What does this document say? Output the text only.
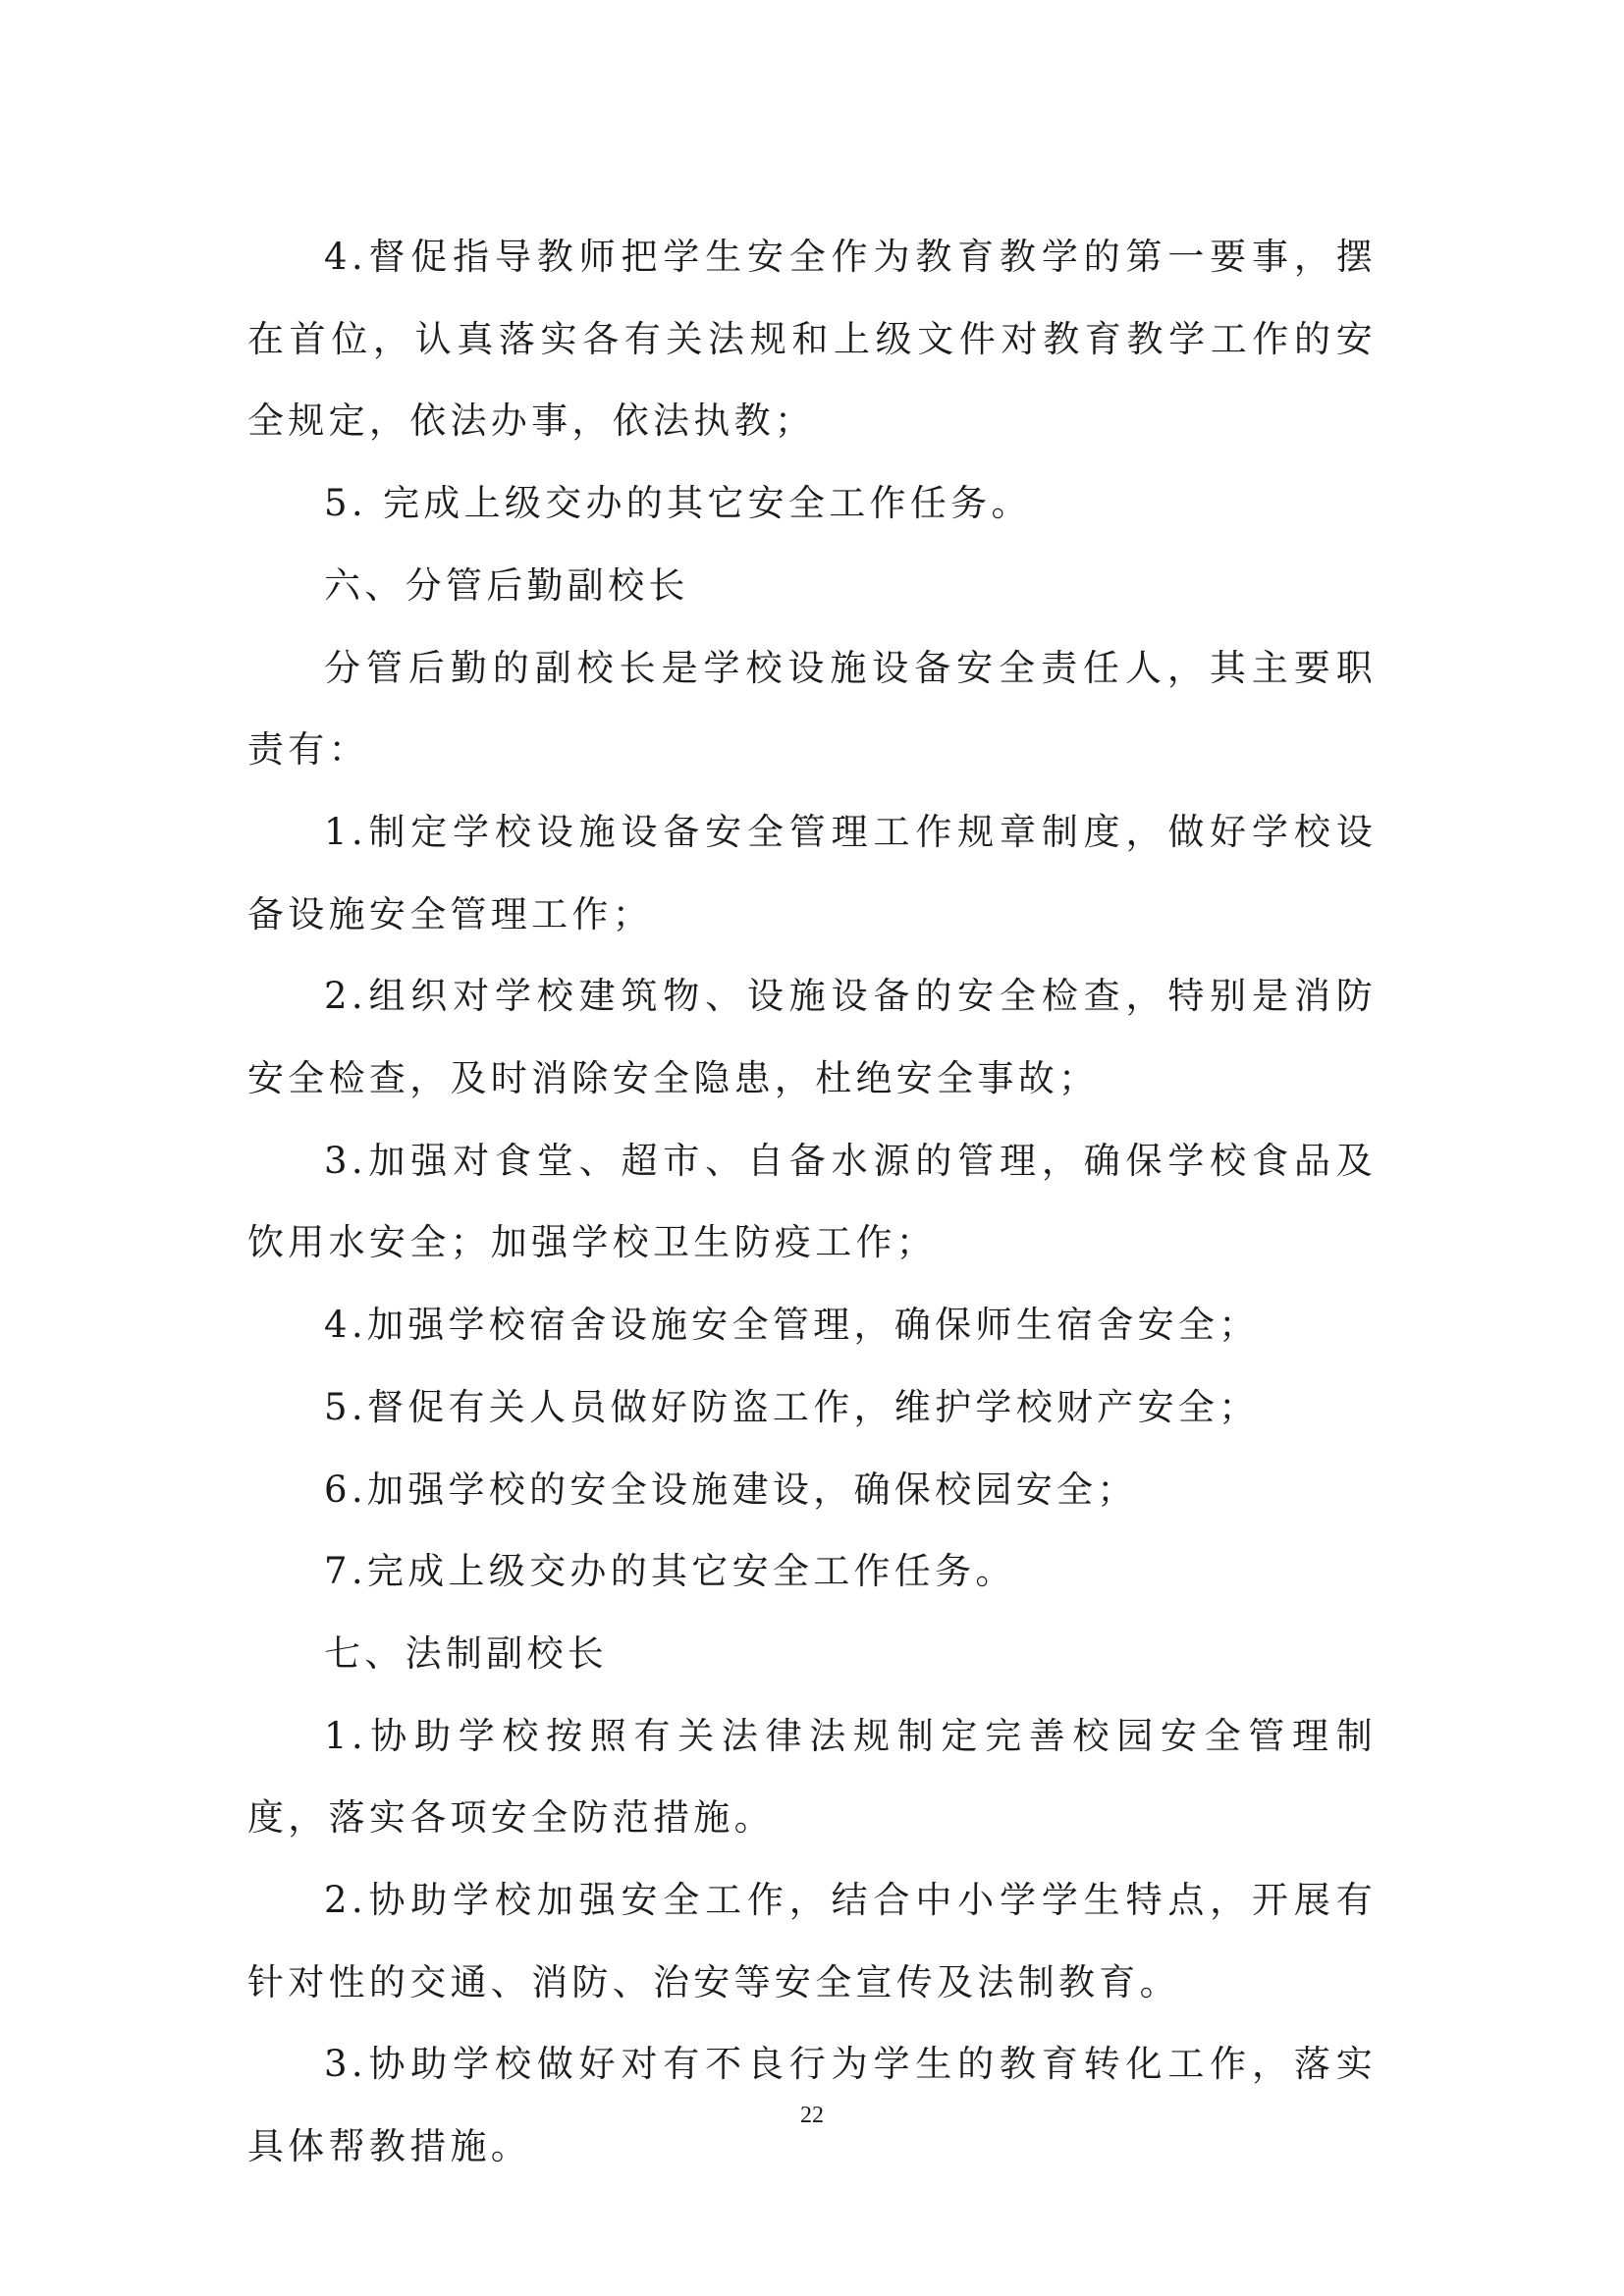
4.督促指导教师把学生安全作为教育教学的第一要事，摆在首位，认真落实各有关法规和上级文件对教育教学工作的安全规定，依法办事，依法执教；

5. 完成上级交办的其它安全工作任务。

六、分管后勤副校长

分管后勤的副校长是学校设施设备安全责任人，其主要职责有：

1.制定学校设施设备安全管理工作规章制度，做好学校设备设施安全管理工作；

2.组织对学校建筑物、设施设备的安全检查，特别是消防安全检查，及时消除安全隐患，杜绝安全事故；

3.加强对食堂、超市、自备水源的管理，确保学校食品及饮用水安全；加强学校卫生防疫工作；

4.加强学校宿舍设施安全管理，确保师生宿舍安全；

5.督促有关人员做好防盗工作，维护学校财产安全；

6.加强学校的安全设施建设，确保校园安全；

7.完成上级交办的其它安全工作任务。

七、法制副校长

1.协助学校按照有关法律法规制定完善校园安全管理制度，落实各项安全防范措施。

2.协助学校加强安全工作，结合中小学学生特点，开展有针对性的交通、消防、治安等安全宣传及法制教育。

3.协助学校做好对有不良行为学生的教育转化工作，落实具体帮教措施。

22
